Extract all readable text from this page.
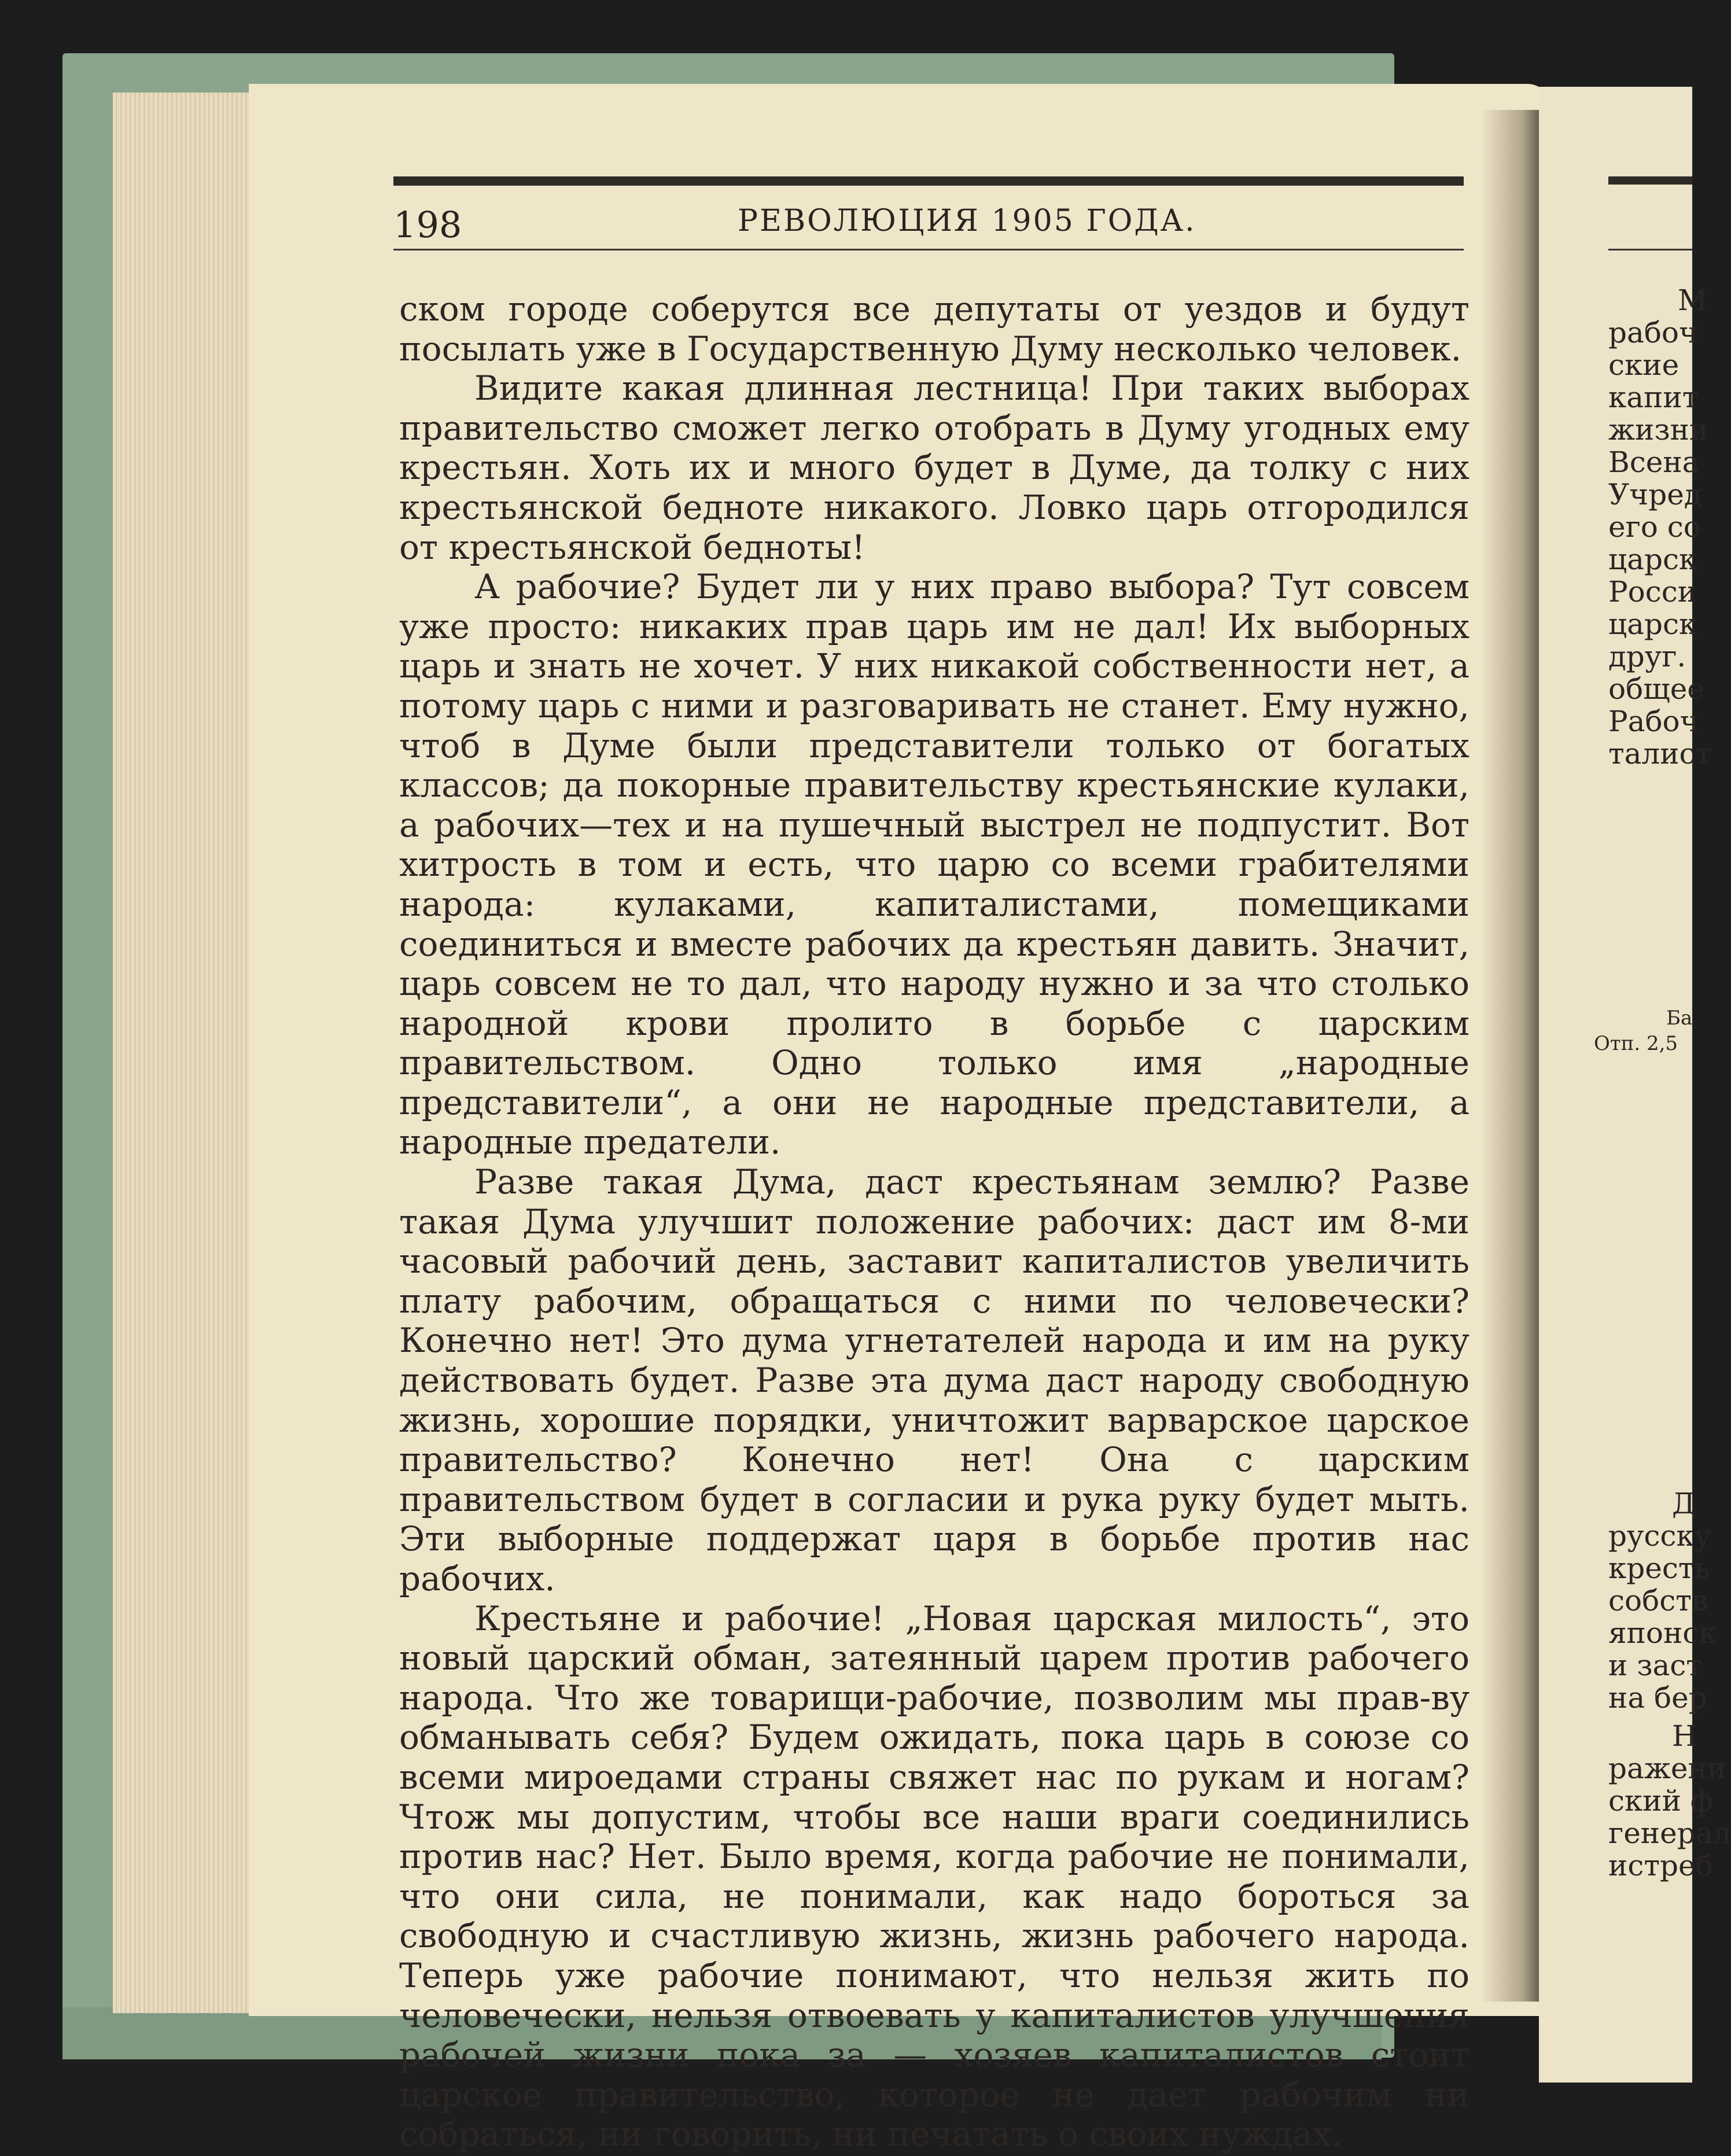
198	РЕВОЛЮЦИЯ 1905 ГОДА.

ском городе соберутся все депутаты от уездов и будут посылать уже в Государственную Думу несколько человек.

Видите какая длинная лестница! При таких выборах правительство сможет легко отобрать в Думу угодных ему крестьян. Хоть их и много будет в Думе, да толку с них крестьянской бедноте никакого. Ловко царь отгородился от крестьянской бедноты!

А рабочие? Будет ли у них право выбора? Тут совсем уже просто: никаких прав царь им не дал! Их выборных царь и знать не хочет. У них никакой собственности нет, а потому царь с ними и разговаривать не станет. Ему нужно, чтоб в Думе были представители только от богатых классов; да покорные правительству крестьянские кулаки, а рабочих—тех и на пушечный выстрел не подпустит. Вот хитрость в том и есть, что царю со всеми грабителями народа: кулаками, капиталистами, помещиками соединиться и вместе рабочих да крестьян давить. Значит, царь совсем не то дал, что народу нужно и за что столько народной крови пролито в борьбе с царским правительством. Одно только имя „народные представители“, а они не народные представители, а народные предатели.

Разве такая Дума, даст крестьянам землю? Разве такая Дума улучшит положение рабочих: даст им 8-ми часовый рабочий день, заставит капиталистов увеличить плату рабочим, обращаться с ними по человечески? Конечно нет! Это дума угнетателей народа и им на руку действовать будет. Разве эта дума даст народу свободную жизнь, хорошие порядки, уничтожит варварское царское правительство? Конечно нет! Она с царским правительством будет в согласии и рука руку будет мыть. Эти выборные поддержат царя в борьбе против нас рабочих.

Крестьяне и рабочие! „Новая царская милость“, это новый царский обман, затеянный царем против рабочего народа. Что же товарищи-рабочие, позволим мы прав-ву обманывать себя? Будем ожидать, пока царь в союзе со всеми мироедами страны свяжет нас по рукам и ногам? Чтож мы допустим, чтобы все наши враги соединились против нас? Нет. Было время, когда рабочие не понимали, что они сила, не понимали, как надо бороться за свободную и счастливую жизнь, жизнь рабочего народа. Теперь уже рабочие понимают, что нельзя жить по человечески, нельзя отвоевать у капиталистов улучшения рабочей жизни пока за — хозяев капиталистов стоит царское правительство, которое не дает рабочим ни собраться, ни говорить, ни печатать о своих нуждах.

М
рабоч
ские
капит
жизни
Всена
Учред
его со
царск
Росси
царск
друг.
общее
Рабоч
талист
Ба
Отп. 2,5
Д
русску
кресть
собств
японск
и заст
на бер
Н
ражени
ский ф
генерал
истреб
